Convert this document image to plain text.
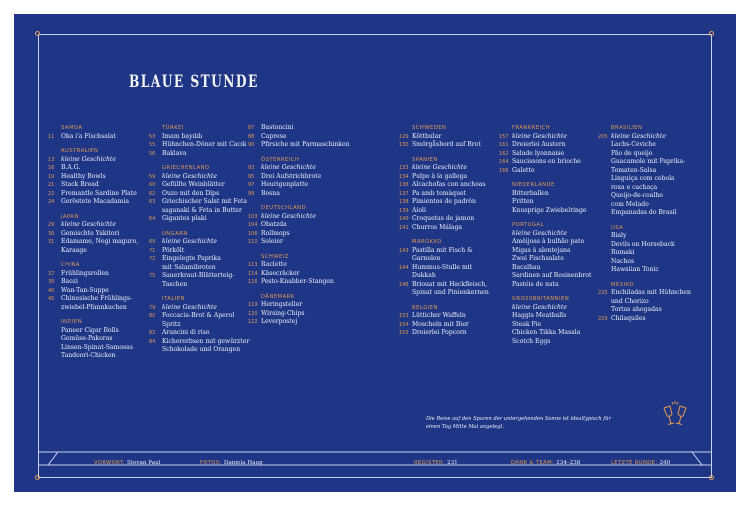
BLAUE STUNDE
SAMOA
11	Oka i'a Fischsalat
AUSTRALIEN
13	kleine Geschichte
16	B.A.G.
19	Healthy Bowls
21	Stack Bread
22	Fremantle Sardine Plate
24	Geröstete Macadamia
JAPAN
29	kleine Geschichte
30	Gemischte Yakitori
31	Edamame, Negi maguro,
Karaage
CHINA
37	Frühlingsrollen
39	Baozi
40	Wan-Tan-Suppe
45	Chinesische Frühlings-
zwiebel-Pfannkuchen
INDIEN
Paneer Cigar Rolls
Gemüse-Pakoras
Linsen-Spinat-Samosas
Tandoori-Chicken
TÜRKEI
53	Imam bayıldı
55	Hühnchen-Döner mit Cacık
56	Baklava
GRIECHENLAND
59	kleine Geschichte
60	Gefüllte Weinblätter
62	Ouzo mit den Dips
63	Griechischer Salat mit Feta
saganaki & Feta in Butter
64	Gigantes plaki
UNGARN
69	kleine Geschichte
71	Pörkölt
72	Eingelegte Paprika
mit Salamibroten
75	Sauerkraut-Blätterteig-
Taschen
ITALIEN
79	kleine Geschichte
80	Foccacia-Brot & Aperol
Spritz
82	Arancini di riso
84	Kichererbsen mit gewürzter
Schokolade und Orangen
87	Bastoncini
88	Caprese
90	Pfirsiche mit Parmaschinken
ÖSTERREICH
93	kleine Geschichte
95	Drei Aufstrichbrote
97	Heurigenplatte
99	Bosna
DEUTSCHLAND
103 kleine Geschichte
104 Obatzda
106 Rollmops
110 Soleier
SCHWEIZ
113 Raclette
114 Käsecräcker
116 Pesto-Knabber-Stangen
DÄNEMARK
119 Heringsteller
120 Wirsing-Chips
122 Leverpostej
SCHWEDEN
129 Köttbular
130 Smörgåsbord auf Brot
SPANIEN
133 kleine Geschichte
134 Pulpo à la gallega
136 Alcachofas con anchoas
137 Pa amb tomàquet
138 Pimientos de padrón
139 Aioli
140 Croquetas de jamon
141 Churros Málaga
MAROKKO
143 Pastilla mit Fisch &
Garnelen
144 Hummus-Stulle mit
Dukkah
146 Briouat mit Hackfleisch,
Spinat und Pinienkernen
BELGIEN
153 Lütticher Waffeln
154 Moscheln mit Bier
155 Dreierlei Popcorn
FRANKREICH
157 kleine Geschichte
161 Dreierlei Austern
162 Salade lyonnaise
164 Saucissons en brioche
166 Galette
NIEDERLANDE
Bitterballen
Fritten
Knusprige Zwiebelringe
PORTUGAL
kleine Geschichte
Amêijoas à bulhão pato
Migas à alentejana
Zwei Fischsalate
Bacalhau
Sardinen auf Rosinenbrot
Pastéis de nata
GROSSBRITANNIEN
kleine Geschichte
Haggis Meatballs
Steak Pie
Chicken Tikka Masala
Scotch Eggs
BRASILIEN
205 kleine Geschichte
Lachs-Ceviche
Pão de queijo
Guacamole mit Paprika-
Tomaten-Salsa
Linguiça com cebola
roxa e cachaça
Queijo-de-coalho
com Melado
Empanadas do Brasil
USA
Bialy
Devils on Horseback
Rumaki
Nachos
Hawaiian Tonic
MEXIKO
225 Enchiladas mit Hühnchen
und Chorizo
Tortas ahogadas
229 Chilaquiles
Die Reise auf den Spuren der untergehenden Sonne ist idealtypisch für einen Tag Mitte Mai angelegt.
VORWORT: Stevan Paul	FOTOS: Daniela Haug	REGISTER: 231	DANK & TEAM: 234–238	LETZTE RUNDE: 240
